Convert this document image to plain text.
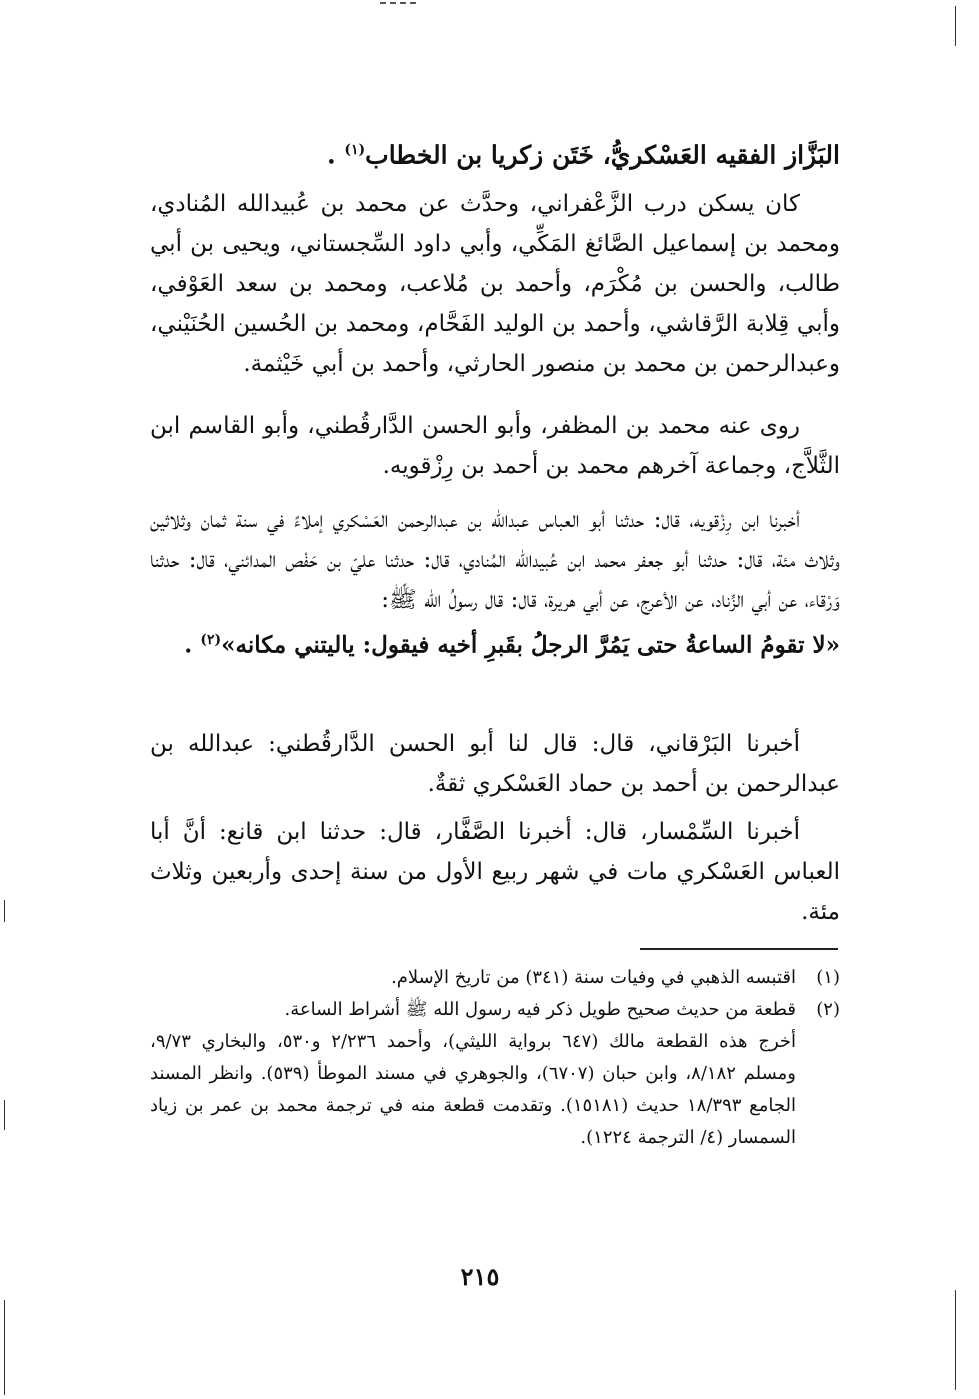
البَزَّاز الفقيه العَسْكريُّ، خَتَن زكريا بن الخطاب$^{(١)}$ .

كان يسكن درب الزَّعْفراني، وحدَّث عن محمد بن عُبيدالله المُنادي، ومحمد بن إسماعيل الصَّائغ المَكِّي، وأبي داود السِّجستاني، ويحيى بن أبي طالب، والحسن بن مُكْرَم، وأحمد بن مُلاعب، ومحمد بن سعد العَوْفي، وأبي قِلابة الرَّقاشي، وأحمد بن الوليد الفَحَّام، ومحمد بن الحُسين الحُنَيْني، وعبدالرحمن بن محمد بن منصور الحارثي، وأحمد بن أبي خَيْثمة.

روى عنه محمد بن المظفر، وأبو الحسن الدَّارقُطني، وأبو القاسم ابن الثَّلاَّج، وجماعة آخرهم محمد بن أحمد بن رِزْقويه.

أخبرنا ابن رِزْقويه، قال: حدثنا أبو العباس عبدالله بن عبدالرحمن العَسْكري إملاءً في سنة ثمان وثلاثين وثلاث مئة، قال: حدثنا أبو جعفر محمد ابن عُبيدالله المُنادي، قال: حدثنا عليّ بن حَفْص المدائني، قال: حدثنا وَرْقاء، عن أبي الزِّناد، عن الأعرج، عن أبي هريرة، قال: قال رسولُ الله ﷺ:

«لا تقومُ الساعةُ حتى يَمُرَّ الرجلُ بقَبرِ أخيه فيقول: ياليتني مكانه»$^{(٢)}$ .

أخبرنا البَرْقاني، قال: قال لنا أبو الحسن الدَّارقُطني: عبدالله بن عبدالرحمن بن أحمد بن حماد العَسْكري ثقةٌ.

أخبرنا السِّمْسار، قال: أخبرنا الصَّفَّار، قال: حدثنا ابن قانع: أنَّ أبا العباس العَسْكري مات في شهر ربيع الأول من سنة إحدى وأربعين وثلاث مئة.

(١)
اقتبسه الذهبي في وفيات سنة (٣٤١) من تاريخ الإسلام.
(٢)
قطعة من حديث صحيح طويل ذكر فيه رسول الله ﷺ أشراط الساعة.
أخرج هذه القطعة مالك (٦٤٧ برواية الليثي)، وأحمد ٢/٢٣٦ و٥٣٠، والبخاري ٩/٧٣، ومسلم ٨/١٨٢، وابن حبان (٦٧٠٧)، والجوهري في مسند الموطأ (٥٣٩). وانظر المسند الجامع ١٨/٣٩٣ حديث (١٥١٨١). وتقدمت قطعة منه في ترجمة محمد بن عمر بن زياد السمسار (٤/ الترجمة ١٢٢٤).
٢١٥
